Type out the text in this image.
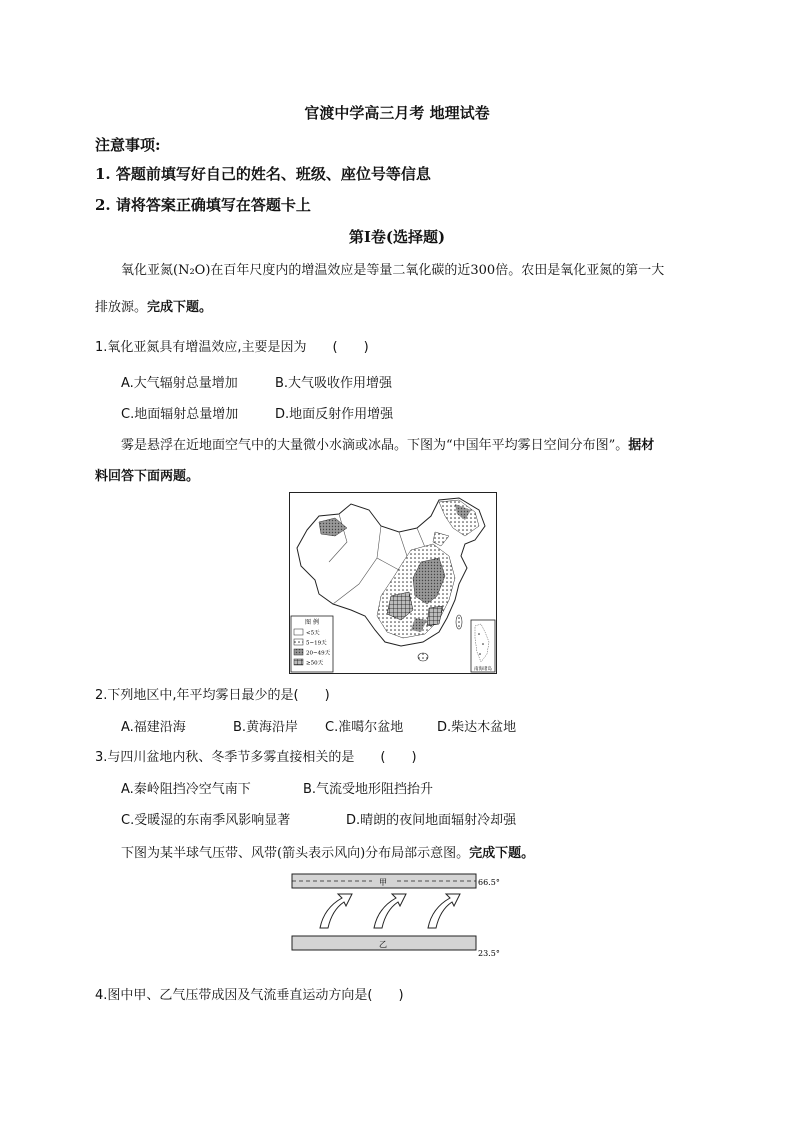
官渡中学高三月考 地理试卷
注意事项:
1. 答题前填写好自己的姓名、班级、座位号等信息
2. 请将答案正确填写在答题卡上
第I卷(选择题)
氧化亚氮(N₂O)在百年尺度内的增温效应是等量二氧化碳的近300倍。农田是氧化亚氮的第一大
排放源。完成下题。
1.氧化亚氮具有增温效应,主要是因为　　(　　)
A.大气辐射总量增加	B.大气吸收作用增强
C.地面辐射总量增加	D.地面反射作用增强
雾是悬浮在近地面空气中的大量微小水滴或冰晶。下图为“中国年平均雾日空间分布图”。据材
料回答下面两题。
图 例
<5天
5~19天
20~49天
≥50天
南海诸岛
2.下列地区中,年平均雾日最少的是(　　)
A.福建沿海	B.黄海沿岸 C.准噶尔盆地	D.柴达木盆地
3.与四川盆地内秋、冬季节多雾直接相关的是　　(　　)
A.秦岭阻挡冷空气南下	B.气流受地形阻挡抬升
C.受暖湿的东南季风影响显著	D.晴朗的夜间地面辐射冷却强
下图为某半球气压带、风带(箭头表示风向)分布局部示意图。完成下题。
甲	66.5°
乙
23.5°
4.图中甲、乙气压带成因及气流垂直运动方向是(　　)
